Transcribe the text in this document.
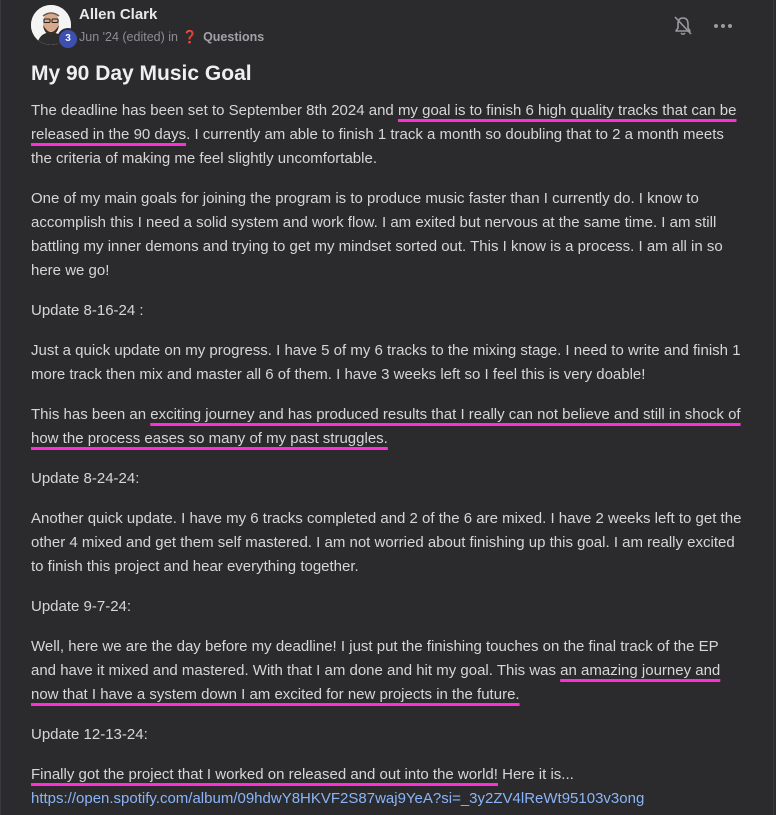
3
Allen Clark
Jun '24 (edited) in ❓ Questions
My 90 Day Music Goal

The deadline has been set to September 8th 2024 and my goal is to finish 6 high quality tracks that can be released in the 90 days. I currently am able to finish 1 track a month so doubling that to 2 a month meets the criteria of making me feel slightly uncomfortable.

One of my main goals for joining the program is to produce music faster than I currently do. I know to accomplish this I need a solid system and work flow. I am exited but nervous at the same time. I am still battling my inner demons and trying to get my mindset sorted out. This I know is a process. I am all in so here we go!

Update 8-16-24 :

Just a quick update on my progress. I have 5 of my 6 tracks to the mixing stage. I need to write and finish 1 more track then mix and master all 6 of them. I have 3 weeks left so I feel this is very doable!

This has been an exciting journey and has produced results that I really can not believe and still in shock of how the process eases so many of my past struggles.

Update 8-24-24:

Another quick update. I have my 6 tracks completed and 2 of the 6 are mixed. I have 2 weeks left to get the other 4 mixed and get them self mastered. I am not worried about finishing up this goal. I am really excited to finish this project and hear everything together.

Update 9-7-24:

Well, here we are the day before my deadline! I just put the finishing touches on the final track of the EP and have it mixed and mastered. With that I am done and hit my goal. This was an amazing journey and now that I have a system down I am excited for new projects in the future.

Update 12-13-24:

Finally got the project that I worked on released and out into the world! Here it is...
https://open.spotify.com/album/09hdwY8HKVF2S87waj9YeA?si=_3y2ZV4lReWt95103v3ong
